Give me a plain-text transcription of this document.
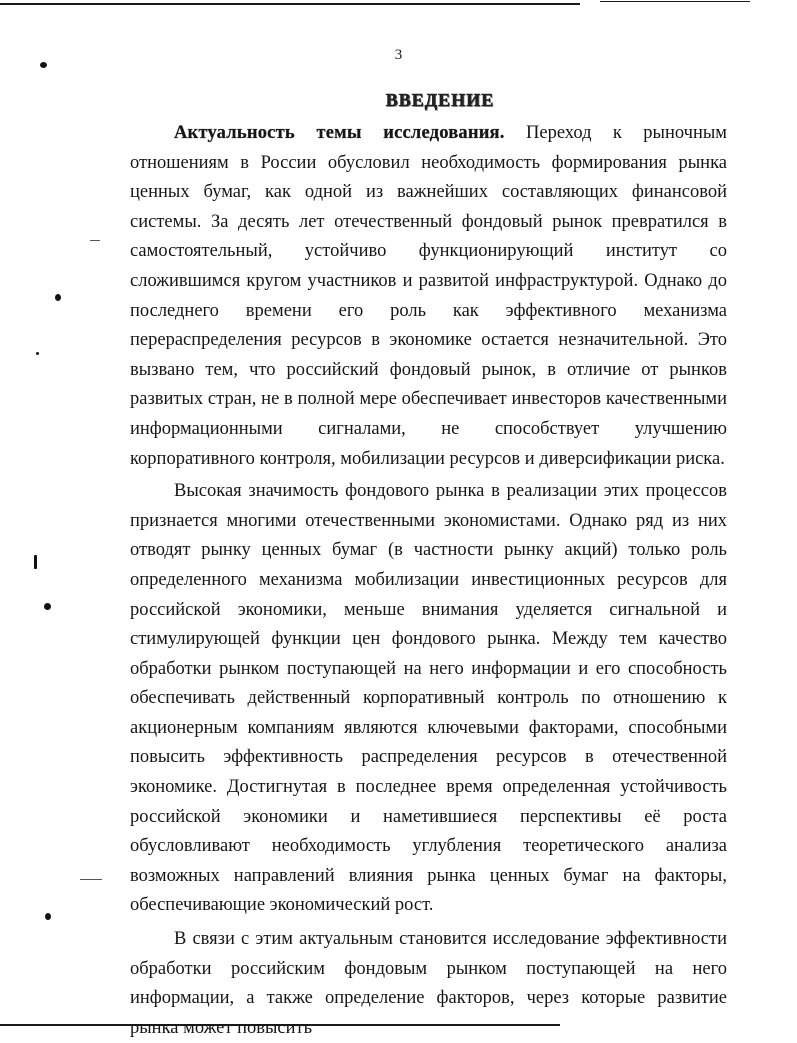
3
ВВЕДЕНИЕ

Актуальность темы исследования. Переход к рыночным отношениям в России обусловил необходимость формирования рынка ценных бумаг, как одной из важнейших составляющих финансовой системы. За десять лет отечественный фондовый рынок превратился в самостоятельный, устойчиво функционирующий институт со сложившимся кругом участников и развитой инфраструктурой. Однако до последнего времени его роль как эффективного механизма перераспределения ресурсов в экономике остается незначительной. Это вызвано тем, что российский фондовый рынок, в отличие от рынков развитых стран, не в полной мере обеспечивает инвесторов качественными информационными сигналами, не способствует улучшению корпоративного контроля, мобилизации ресурсов и диверсификации риска.

Высокая значимость фондового рынка в реализации этих процессов признается многими отечественными экономистами. Однако ряд из них отводят рынку ценных бумаг (в частности рынку акций) только роль определенного механизма мобилизации инвестиционных ресурсов для российской экономики, меньше внимания уделяется сигнальной и стимулирующей функции цен фондового рынка. Между тем качество обработки рынком поступающей на него информации и его способность обеспечивать действенный корпоративный контроль по отношению к акционерным компаниям являются ключевыми факторами, способными повысить эффективность распределения ресурсов в отечественной экономике. Достигнутая в последнее время определенная устойчивость российской экономики и наметившиеся перспективы её роста обусловливают необходимость углубления теоретического анализа возможных направлений влияния рынка ценных бумаг на факторы, обеспечивающие экономический рост.

В связи с этим актуальным становится исследование эффективности обработки российским фондовым рынком поступающей на него информации, а также определение факторов, через которые развитие рынка может повысить
